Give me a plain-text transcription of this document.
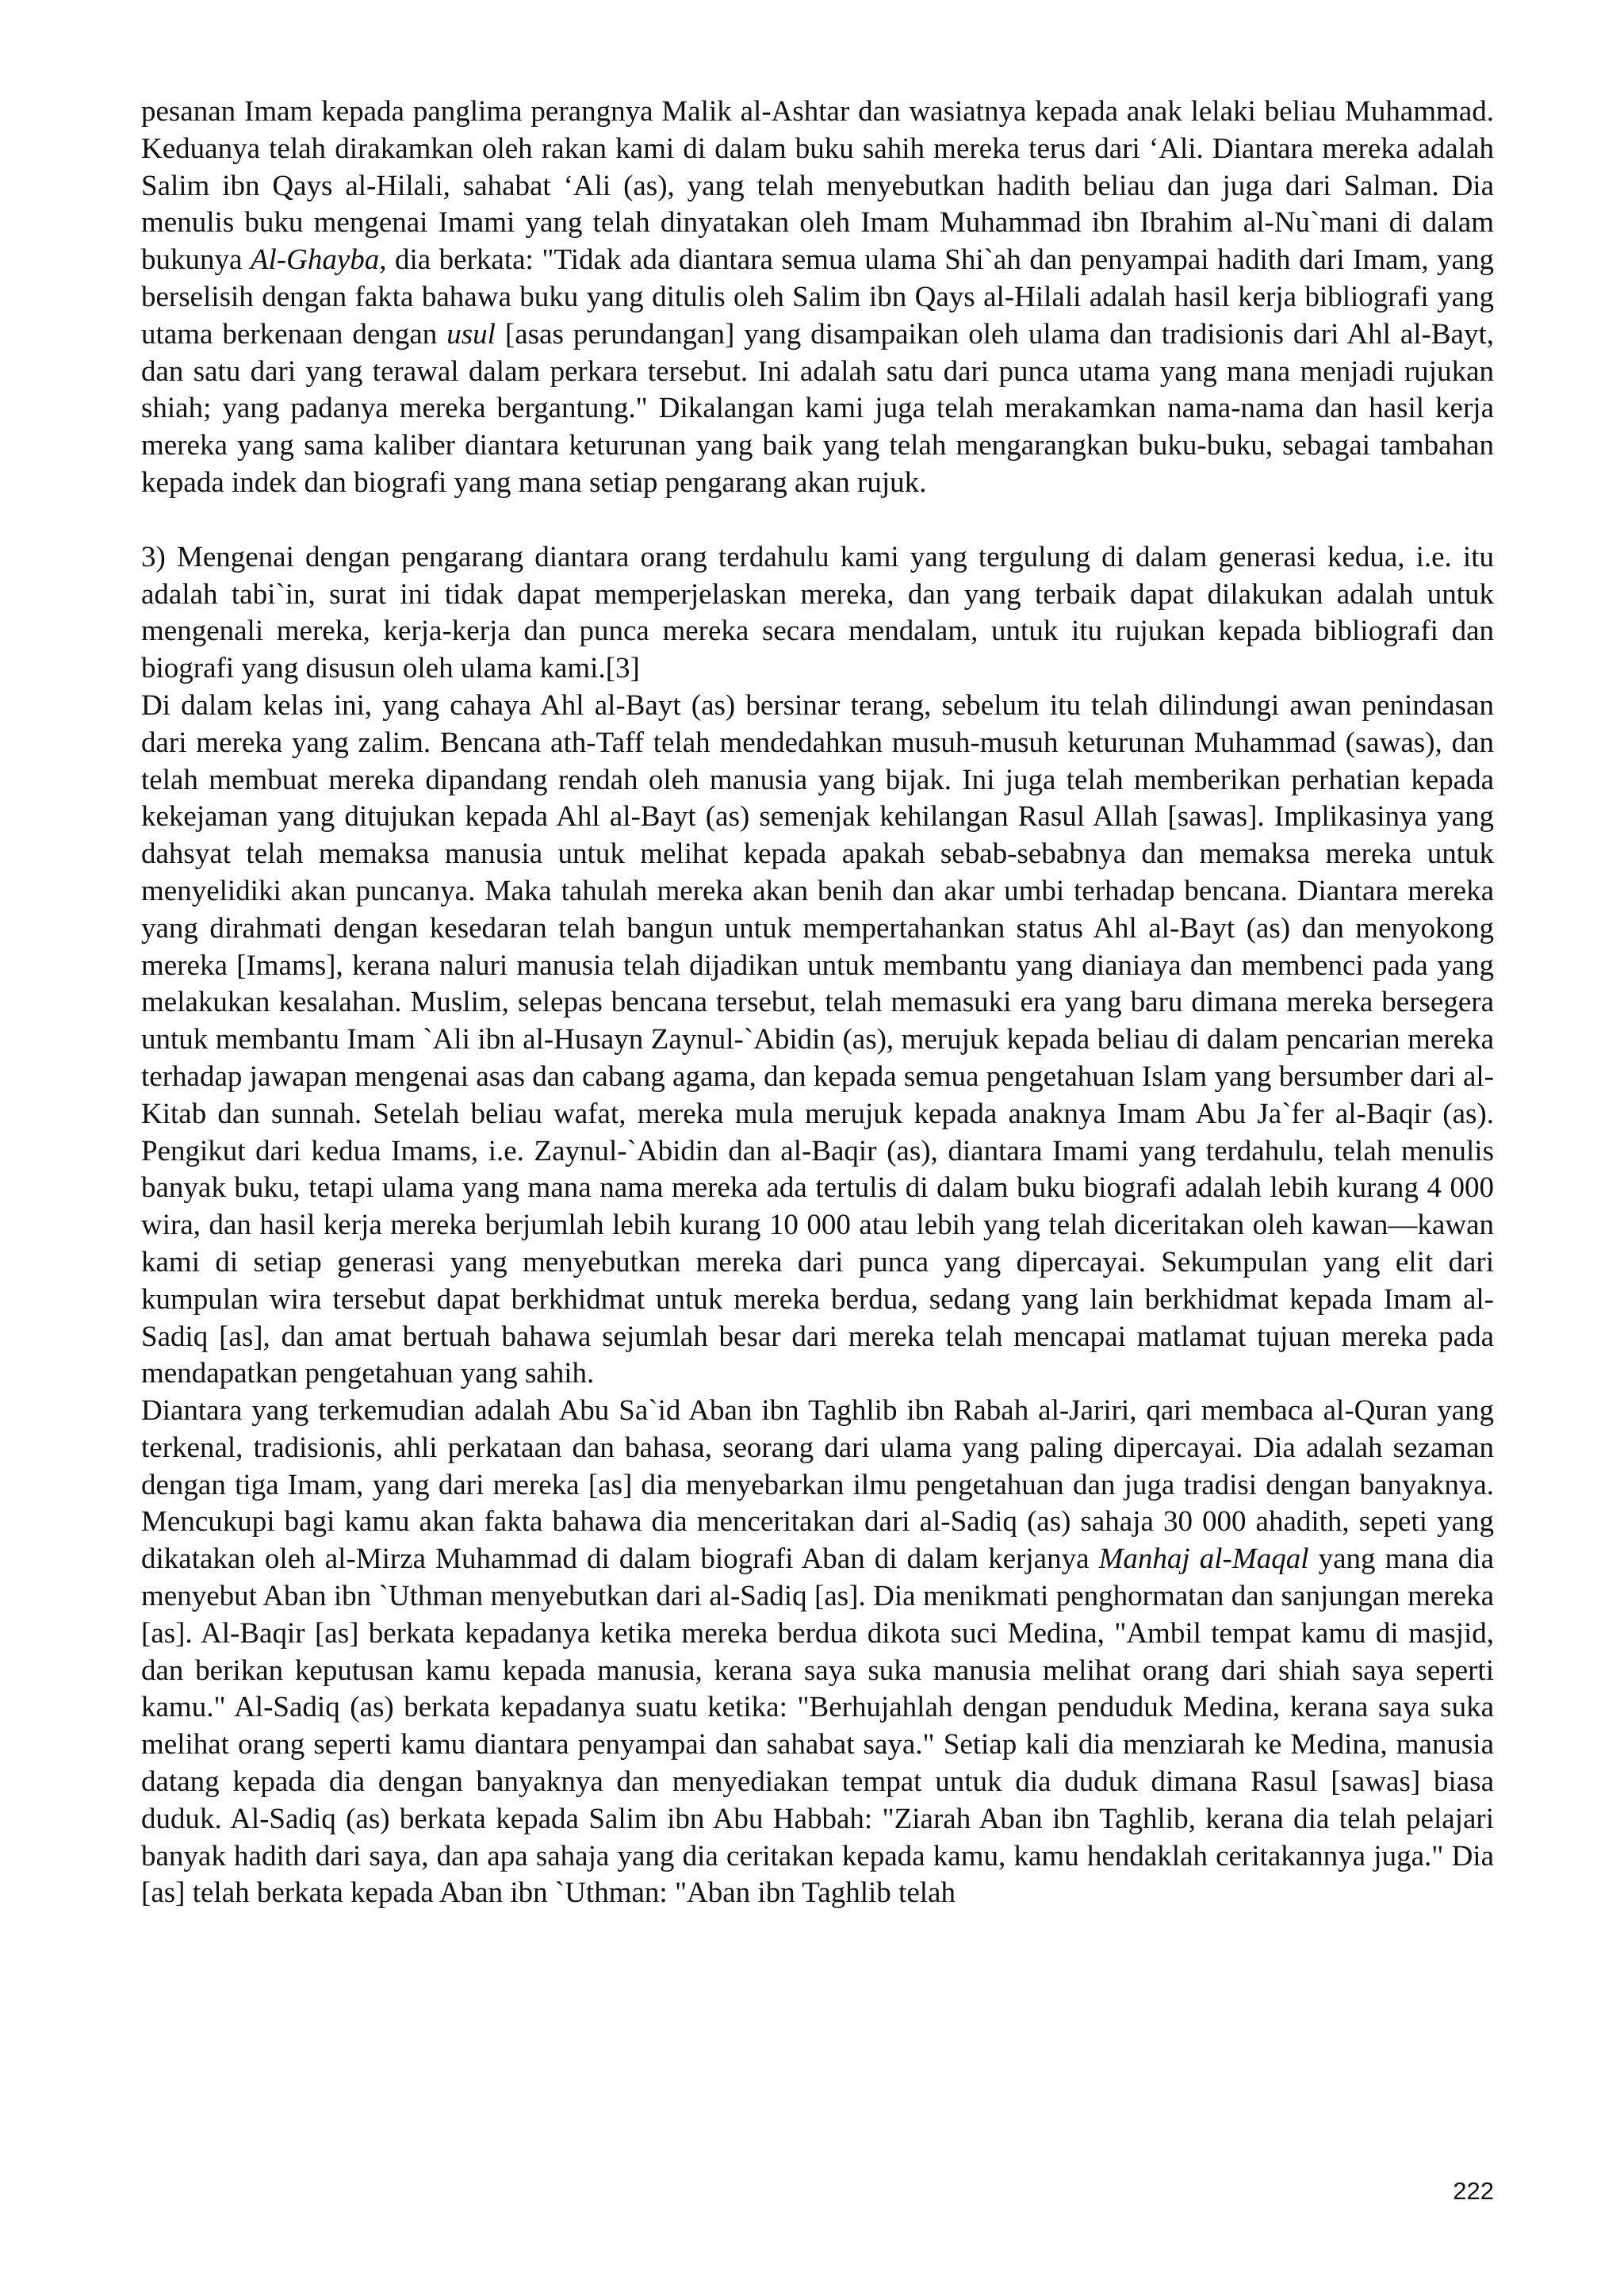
pesanan Imam kepada panglima perangnya Malik al-Ashtar dan wasiatnya kepada anak lelaki beliau Muhammad. Keduanya telah dirakamkan oleh rakan kami di dalam buku sahih mereka terus dari ‘Ali. Diantara mereka adalah Salim ibn Qays al-Hilali, sahabat ‘Ali (as), yang telah menyebutkan hadith beliau dan juga dari Salman. Dia menulis buku mengenai Imami yang telah dinyatakan oleh Imam Muhammad ibn Ibrahim al-Nu`mani di dalam bukunya Al-Ghayba, dia berkata: "Tidak ada diantara semua ulama Shi`ah dan penyampai hadith dari Imam, yang berselisih dengan fakta bahawa buku yang ditulis oleh Salim ibn Qays al-Hilali adalah hasil kerja bibliografi yang utama berkenaan dengan usul [asas perundangan] yang disampaikan oleh ulama dan tradisionis dari Ahl al-Bayt, dan satu dari yang terawal dalam perkara tersebut. Ini adalah satu dari punca utama yang mana menjadi rujukan shiah; yang padanya mereka bergantung." Dikalangan kami juga telah merakamkan nama-nama dan hasil kerja mereka yang sama kaliber diantara keturunan yang baik yang telah mengarangkan buku-buku, sebagai tambahan kepada indek dan biografi yang mana setiap pengarang akan rujuk.

3) Mengenai dengan pengarang diantara orang terdahulu kami yang tergulung di dalam generasi kedua, i.e. itu adalah tabi`in, surat ini tidak dapat memperjelaskan mereka, dan yang terbaik dapat dilakukan adalah untuk mengenali mereka, kerja-kerja dan punca mereka secara mendalam, untuk itu rujukan kepada bibliografi dan biografi yang disusun oleh ulama kami.[3]

Di dalam kelas ini, yang cahaya Ahl al-Bayt (as) bersinar terang, sebelum itu telah dilindungi awan penindasan dari mereka yang zalim. Bencana ath-Taff telah mendedahkan musuh-musuh keturunan Muhammad (sawas), dan telah membuat mereka dipandang rendah oleh manusia yang bijak. Ini juga telah memberikan perhatian kepada kekejaman yang ditujukan kepada Ahl al-Bayt (as) semenjak kehilangan Rasul Allah [sawas]. Implikasinya yang dahsyat telah memaksa manusia untuk melihat kepada apakah sebab-sebabnya dan memaksa mereka untuk menyelidiki akan puncanya. Maka tahulah mereka akan benih dan akar umbi terhadap bencana. Diantara mereka yang dirahmati dengan kesedaran telah bangun untuk mempertahankan status Ahl al-Bayt (as) dan menyokong mereka [Imams], kerana naluri manusia telah dijadikan untuk membantu yang dianiaya dan membenci pada yang melakukan kesalahan. Muslim, selepas bencana tersebut, telah memasuki era yang baru dimana mereka bersegera untuk membantu Imam `Ali ibn al-Husayn Zaynul-`Abidin (as), merujuk kepada beliau di dalam pencarian mereka terhadap jawapan mengenai asas dan cabang agama, dan kepada semua pengetahuan Islam yang bersumber dari al-Kitab dan sunnah. Setelah beliau wafat, mereka mula merujuk kepada anaknya Imam Abu Ja`fer al-Baqir (as). Pengikut dari kedua Imams, i.e. Zaynul-`Abidin dan al-Baqir (as), diantara Imami yang terdahulu, telah menulis banyak buku, tetapi ulama yang mana nama mereka ada tertulis di dalam buku biografi adalah lebih kurang 4 000 wira, dan hasil kerja mereka berjumlah lebih kurang 10 000 atau lebih yang telah diceritakan oleh kawan—kawan kami di setiap generasi yang menyebutkan mereka dari punca yang dipercayai. Sekumpulan yang elit dari kumpulan wira tersebut dapat berkhidmat untuk mereka berdua, sedang yang lain berkhidmat kepada Imam al-Sadiq [as], dan amat bertuah bahawa sejumlah besar dari mereka telah mencapai matlamat tujuan mereka pada mendapatkan pengetahuan yang sahih.

Diantara yang terkemudian adalah Abu Sa`id Aban ibn Taghlib ibn Rabah al-Jariri, qari membaca al-Quran yang terkenal, tradisionis, ahli perkataan dan bahasa, seorang dari ulama yang paling dipercayai. Dia adalah sezaman dengan tiga Imam, yang dari mereka [as] dia menyebarkan ilmu pengetahuan dan juga tradisi dengan banyaknya. Mencukupi bagi kamu akan fakta bahawa dia menceritakan dari al-Sadiq (as) sahaja 30 000 ahadith, sepeti yang dikatakan oleh al-Mirza Muhammad di dalam biografi Aban di dalam kerjanya Manhaj al-Maqal yang mana dia menyebut Aban ibn `Uthman menyebutkan dari al-Sadiq [as]. Dia menikmati penghormatan dan sanjungan mereka [as]. Al-Baqir [as] berkata kepadanya ketika mereka berdua dikota suci Medina, "Ambil tempat kamu di masjid, dan berikan keputusan kamu kepada manusia, kerana saya suka manusia melihat orang dari shiah saya seperti kamu." Al-Sadiq (as) berkata kepadanya suatu ketika: "Berhujahlah dengan penduduk Medina, kerana saya suka melihat orang seperti kamu diantara penyampai dan sahabat saya." Setiap kali dia menziarah ke Medina, manusia datang kepada dia dengan banyaknya dan menyediakan tempat untuk dia duduk dimana Rasul [sawas] biasa duduk. Al-Sadiq (as) berkata kepada Salim ibn Abu Habbah: "Ziarah Aban ibn Taghlib, kerana dia telah pelajari banyak hadith dari saya, dan apa sahaja yang dia ceritakan kepada kamu, kamu hendaklah ceritakannya juga." Dia [as] telah berkata kepada Aban ibn `Uthman: "Aban ibn Taghlib telah

222
